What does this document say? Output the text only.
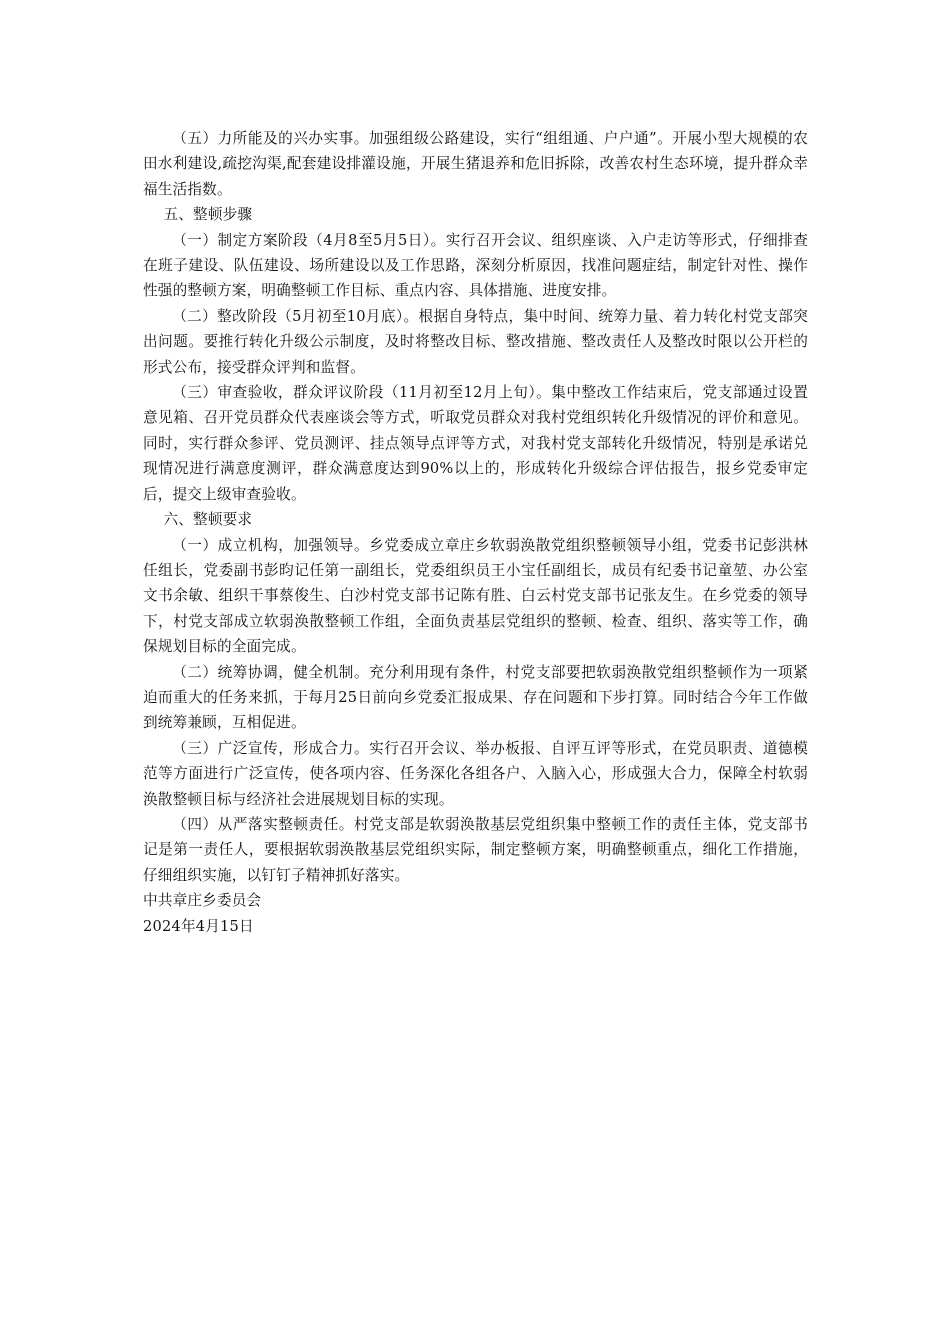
（五）力所能及的兴办实事。加强组级公路建设，实行“组组通、户户通”。开展小型大规模的农田水利建设,疏挖沟渠,配套建设排灌设施，开展生猪退养和危旧拆除，改善农村生态环境，提升群众幸福生活指数。

五、整顿步骤

（一）制定方案阶段（4月8至5月5日）。实行召开会议、组织座谈、入户走访等形式，仔细排查在班子建设、队伍建设、场所建设以及工作思路，深刻分析原因，找准问题症结，制定针对性、操作性强的整顿方案，明确整顿工作目标、重点内容、具体措施、进度安排。

（二）整改阶段（5月初至10月底）。根据自身特点，集中时间、统筹力量、着力转化村党支部突出问题。要推行转化升级公示制度，及时将整改目标、整改措施、整改责任人及整改时限以公开栏的形式公布，接受群众评判和监督。

（三）审查验收，群众评议阶段（11月初至12月上旬）。集中整改工作结束后，党支部通过设置意见箱、召开党员群众代表座谈会等方式，听取党员群众对我村党组织转化升级情况的评价和意见。同时，实行群众参评、党员测评、挂点领导点评等方式，对我村党支部转化升级情况，特别是承诺兑现情况进行满意度测评，群众满意度达到90%以上的，形成转化升级综合评估报告，报乡党委审定后，提交上级审查验收。

六、整顿要求

（一）成立机构，加强领导。乡党委成立章庄乡软弱涣散党组织整顿领导小组，党委书记彭洪林任组长，党委副书彭昀记任第一副组长，党委组织员王小宝任副组长，成员有纪委书记童堃、办公室文书余敏、组织干事蔡俊生、白沙村党支部书记陈有胜、白云村党支部书记张友生。在乡党委的领导下，村党支部成立软弱涣散整顿工作组，全面负责基层党组织的整顿、检查、组织、落实等工作，确保规划目标的全面完成。

（二）统筹协调，健全机制。充分利用现有条件，村党支部要把软弱涣散党组织整顿作为一项紧迫而重大的任务来抓，于每月25日前向乡党委汇报成果、存在问题和下步打算。同时结合今年工作做到统筹兼顾，互相促进。

（三）广泛宣传，形成合力。实行召开会议、举办板报、自评互评等形式，在党员职责、道德模范等方面进行广泛宣传，使各项内容、任务深化各组各户、入脑入心，形成强大合力，保障全村软弱涣散整顿目标与经济社会进展规划目标的实现。

（四）从严落实整顿责任。村党支部是软弱涣散基层党组织集中整顿工作的责任主体，党支部书记是第一责任人，要根据软弱涣散基层党组织实际，制定整顿方案，明确整顿重点，细化工作措施，仔细组织实施，以钉钉子精神抓好落实。

中共章庄乡委员会

2024年4月15日
